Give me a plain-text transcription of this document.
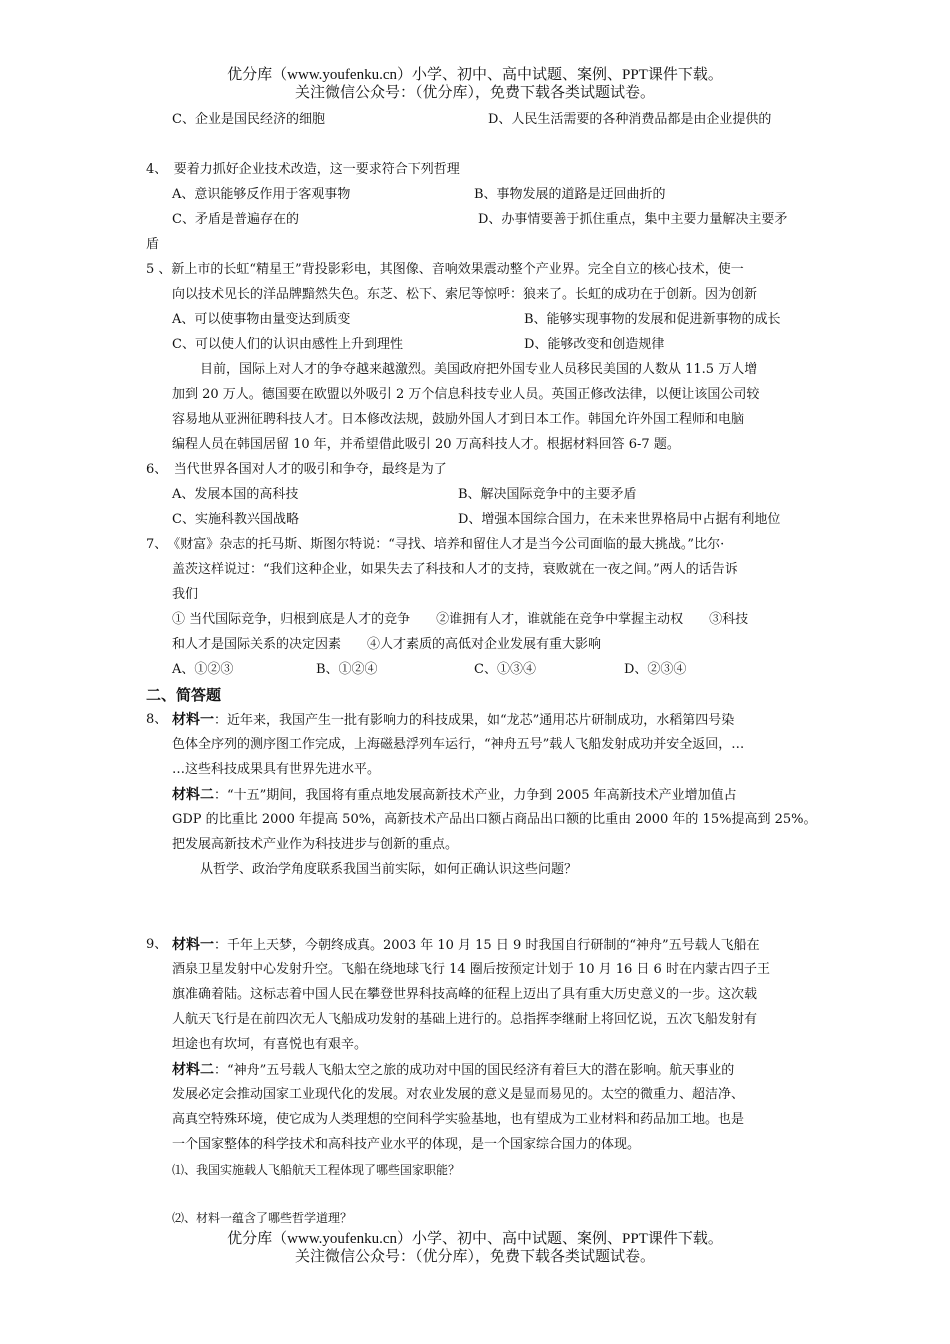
优分库（www.youfenku.cn）小学、初中、高中试题、案例、PPT课件下载。
关注微信公众号：（优分库），免费下载各类试题试卷。
C、企业是国民经济的细胞	D、人民生活需要的各种消费品都是由企业提供的
4、　要着力抓好企业技术改造，这一要求符合下列哲理
A、意识能够反作用于客观事物	B、事物发展的道路是迂回曲折的
C、矛盾是普遍存在的	D、办事情要善于抓住重点，集中主要力量解决主要矛
盾
5 、新上市的长虹“精星王”背投影彩电，其图像、音响效果震动整个产业界。完全自立的核心技术，使一
向以技术见长的洋品牌黯然失色。东芝、松下、索尼等惊呼：狼来了。长虹的成功在于创新。因为创新
A、可以使事物由量变达到质变	B、能够实现事物的发展和促进新事物的成长
C、可以使人们的认识由感性上升到理性	D、能够改变和创造规律
目前，国际上对人才的争夺越来越激烈。美国政府把外国专业人员移民美国的人数从 11.5 万人增
加到 20 万人。德国要在欧盟以外吸引 2 万个信息科技专业人员。英国正修改法律，以便让该国公司较
容易地从亚洲征聘科技人才。日本修改法规，鼓励外国人才到日本工作。韩国允许外国工程师和电脑
编程人员在韩国居留 10 年，并希望借此吸引 20 万高科技人才。根据材料回答 6-7 题。
6、　当代世界各国对人才的吸引和争夺，最终是为了
A、发展本国的高科技	B、解决国际竞争中的主要矛盾
C、实施科教兴国战略	D、增强本国综合国力，在未来世界格局中占据有利地位
7、　《财富》杂志的托马斯、斯图尔特说：“寻找、培养和留住人才是当今公司面临的最大挑战。”比尔·
盖茨这样说过：“我们这种企业，如果失去了科技和人才的支持，衰败就在一夜之间。”两人的话告诉
我们
① 当代国际竞争，归根到底是人才的竞争　　②谁拥有人才，谁就能在竞争中掌握主动权　　③科技
和人才是国际关系的决定因素　　④人才素质的高低对企业发展有重大影响
A、①②③	B、①②④	C、①③④	D、②③④
二、简答题
8、 材料一：近年来，我国产生一批有影响力的科技成果，如“龙芯”通用芯片研制成功，水稻第四号染
色体全序列的测序图工作完成，上海磁悬浮列车运行，“神舟五号”载人飞船发射成功并安全返回，…
…这些科技成果具有世界先进水平。
材料二：“十五”期间，我国将有重点地发展高新技术产业，力争到 2005 年高新技术产业增加值占
GDP 的比重比 2000 年提高 50%，高新技术产品出口额占商品出口额的比重由 2000 年的 15%提高到 25%。
把发展高新技术产业作为科技进步与创新的重点。
从哲学、政治学角度联系我国当前实际，如何正确认识这些问题？
9、 材料一：千年上天梦，今朝终成真。2003 年 10 月 15 日 9 时我国自行研制的“神舟”五号载人飞船在
酒泉卫星发射中心发射升空。飞船在绕地球飞行 14 圈后按预定计划于 10 月 16 日 6 时在内蒙古四子王
旗准确着陆。这标志着中国人民在攀登世界科技高峰的征程上迈出了具有重大历史意义的一步。这次载
人航天飞行是在前四次无人飞船成功发射的基础上进行的。总指挥李继耐上将回忆说，五次飞船发射有
坦途也有坎坷，有喜悦也有艰辛。
材料二：“神舟”五号载人飞船太空之旅的成功对中国的国民经济有着巨大的潜在影响。航天事业的
发展必定会推动国家工业现代化的发展。对农业发展的意义是显而易见的。太空的微重力、超洁净、
高真空特殊环境，使它成为人类理想的空间科学实验基地，也有望成为工业材料和药品加工地。也是
一个国家整体的科学技术和高科技产业水平的体现，是一个国家综合国力的体现。
⑴、我国实施载人飞船航天工程体现了哪些国家职能？
⑵、材料一蕴含了哪些哲学道理？
优分库（www.youfenku.cn）小学、初中、高中试题、案例、PPT课件下载。
关注微信公众号：（优分库），免费下载各类试题试卷。
